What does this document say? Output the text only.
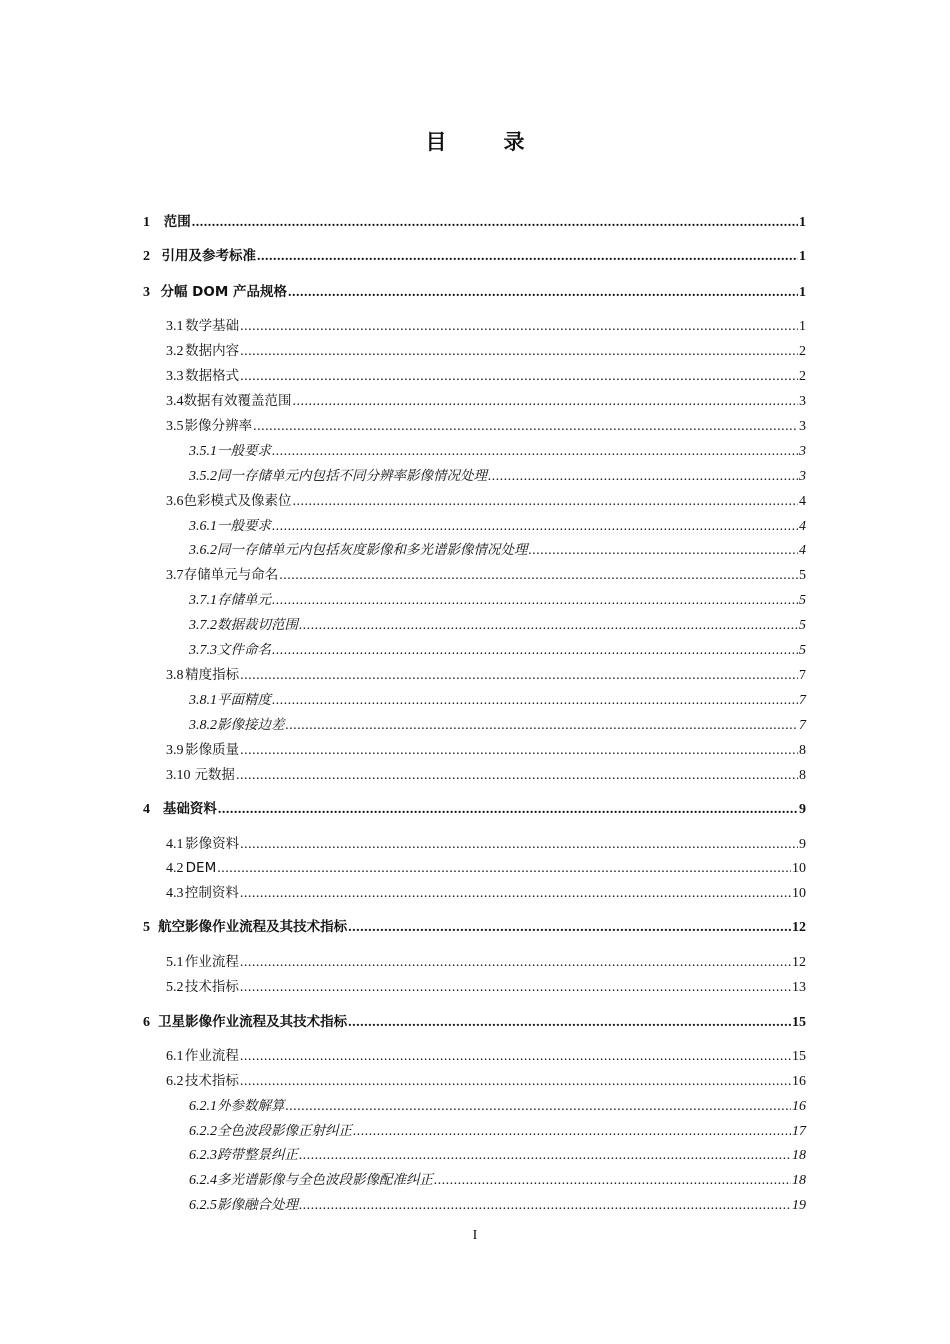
目　录
1	范围 .....	1
2 引用及参考标准 .....	1
3 分幅 DOM 产品规格 .....	1
3.1 数学基础 .....	1
3.2 数据内容 .....	2
3.3 数据格式 .....	2
3.4 数据有效覆盖范围 .....	3
3.5 影像分辨率 .....	3
3.5.1 一般要求 .....	3
3.5.2 同一存储单元内包括不同分辨率影像情况处理 .....	3
3.6 色彩模式及像素位 .....	4
3.6.1 一般要求 .....	4
3.6.2 同一存储单元内包括灰度影像和多光谱影像情况处理 .....	4
3.7 存储单元与命名 .....	5
3.7.1 存储单元 .....	5
3.7.2 数据裁切范围 .....	5
3.7.3 文件命名 .....	5
3.8 精度指标 .....	7
3.8.1 平面精度 .....	7
3.8.2 影像接边差 .....	7
3.9 影像质量 .....	8
3.10 元数据 .....	8
4 基础资料 .....	9
4.1 影像资料 .....	9
4.2 DEM .....	10
4.3 控制资料 .....	10
5 航空影像作业流程及其技术指标 .....	12
5.1 作业流程 .....	12
5.2 技术指标 .....	13
6 卫星影像作业流程及其技术指标 .....	15
6.1 作业流程 .....	15
6.2 技术指标 .....	16
6.2.1 外参数解算 .....	16
6.2.2 全色波段影像正射纠正 .....	17
6.2.3 跨带整景纠正 .....	18
6.2.4 多光谱影像与全色波段影像配准纠正 .....	18
6.2.5 影像融合处理 .....	19
I
